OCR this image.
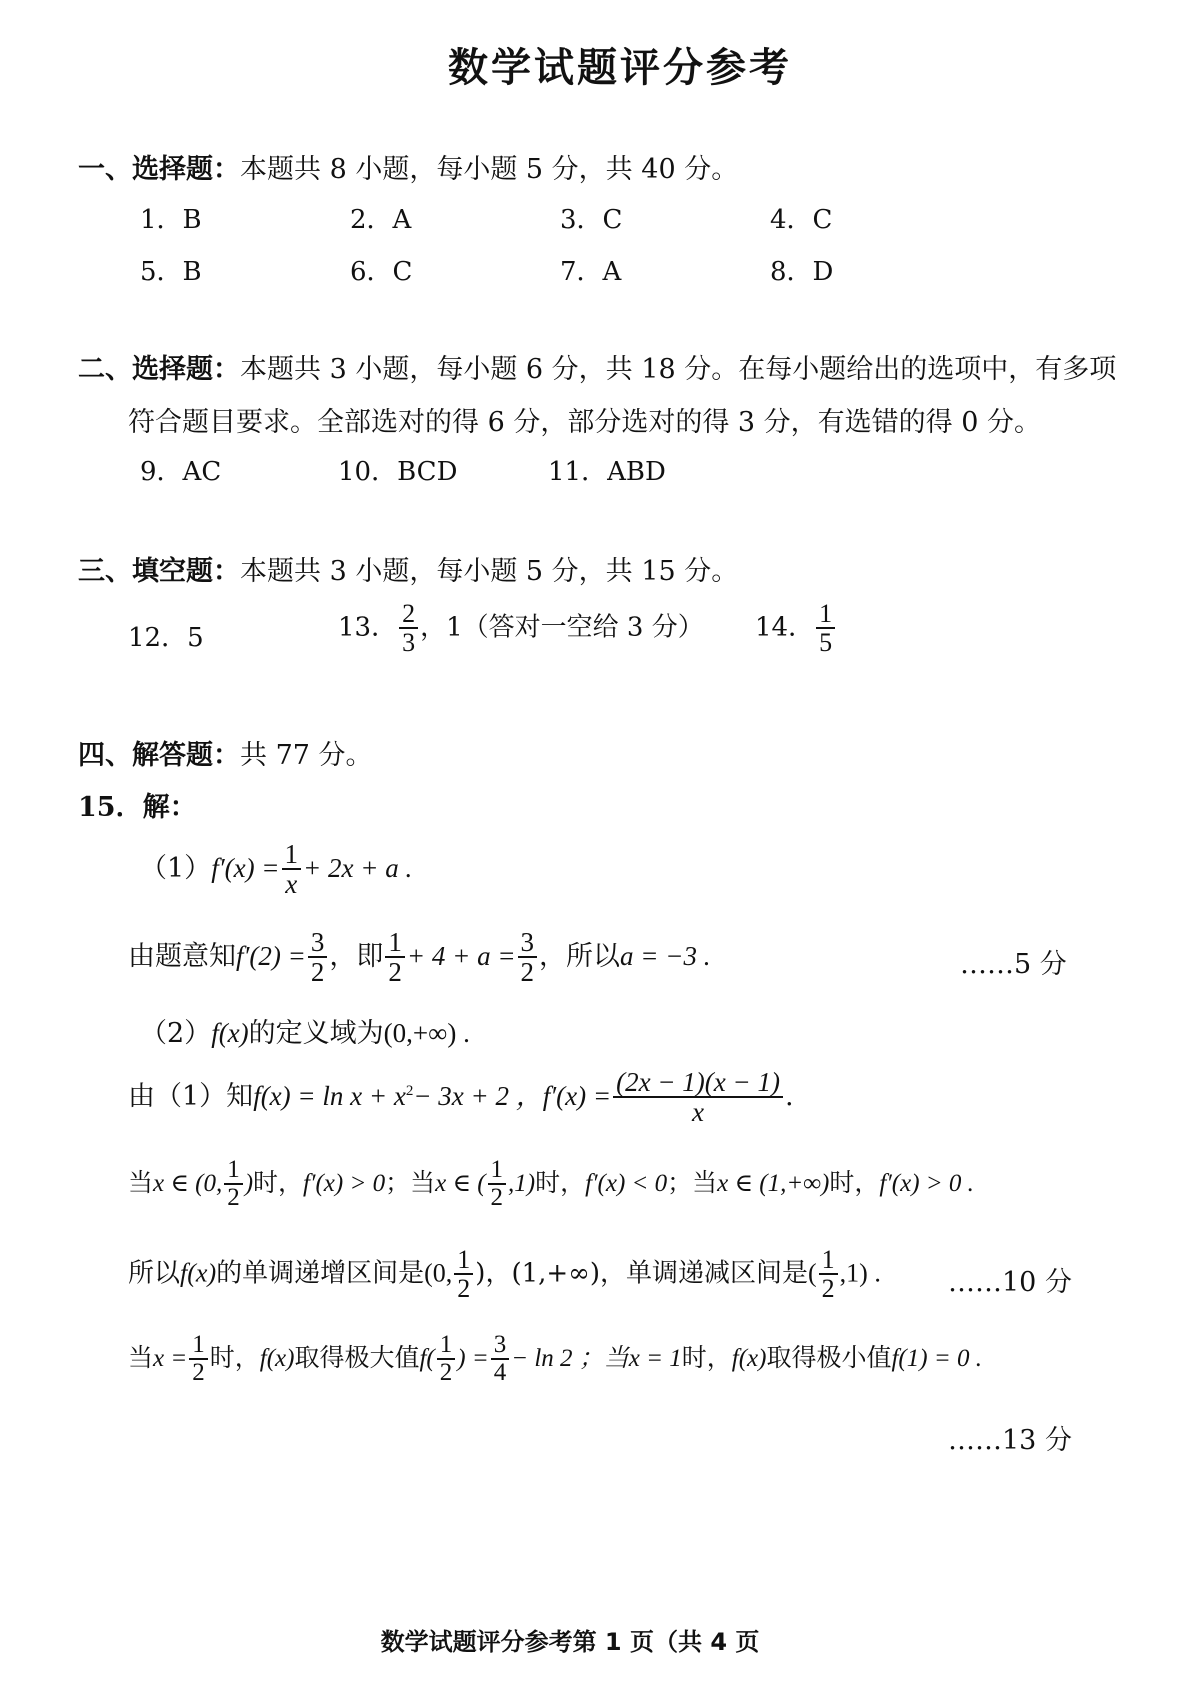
数学试题评分参考
一、选择题：本题共 8 小题，每小题 5 分，共 40 分。
1．B	2．A	3．C	4．C
5．B	6．C	7．A	8．D
二、选择题：本题共 3 小题，每小题 6 分，共 18 分。在每小题给出的选项中，有多项
符合题目要求。全部选对的得 6 分，部分选对的得 3 分，有选错的得 0 分。
9．AC	10．BCD	11．ABD
三、填空题：本题共 3 小题，每小题 5 分，共 15 分。
12．5	13． $\frac{2}{3}$ ，1（答对一空给 3 分） 14． $\frac{1}{5}$
四、解答题：共 77 分。
15．解：
$(1)f'(x) = \frac{1}{x} + 2x + a$ .
由题意知$f'(2) = \frac{3}{2}$ ，即 $\frac{1}{2} + 4 + a = \frac{3}{2}$ ，所以a = −3 .	……5 分
（2）f(x)的定义域为(0,+∞) .
由（1）知$f(x) = \ln x + x^2- 3x + 2$ ，$f'(x) = \frac{(2x - 1)(x - 1)}{x}$ .
当x ∈ (0, $\frac{1}{2}$ )时，f′(x) > 0；当x ∈ ( $\frac{1}{2} ,1$)时，f′(x) < 0；当x ∈ (1,+∞)时，f′(x) > 0 .
所以f(x)的单调递增区间是(0, $\frac{1}{2}$ )，(1,+∞)，单调递减区间是( $\frac{1}{2} ,1$) . ……10 分
当$x = \frac{1}{2}$ 时，f(x)取得极大值$f( \frac{1}{2}$ ) = $\frac{3}{4} - \ln 2$ ；当x = 1时，f(x)取得极小值f(1) = 0 .
……13 分
数学试题评分参考第 1 页（共 4 页
